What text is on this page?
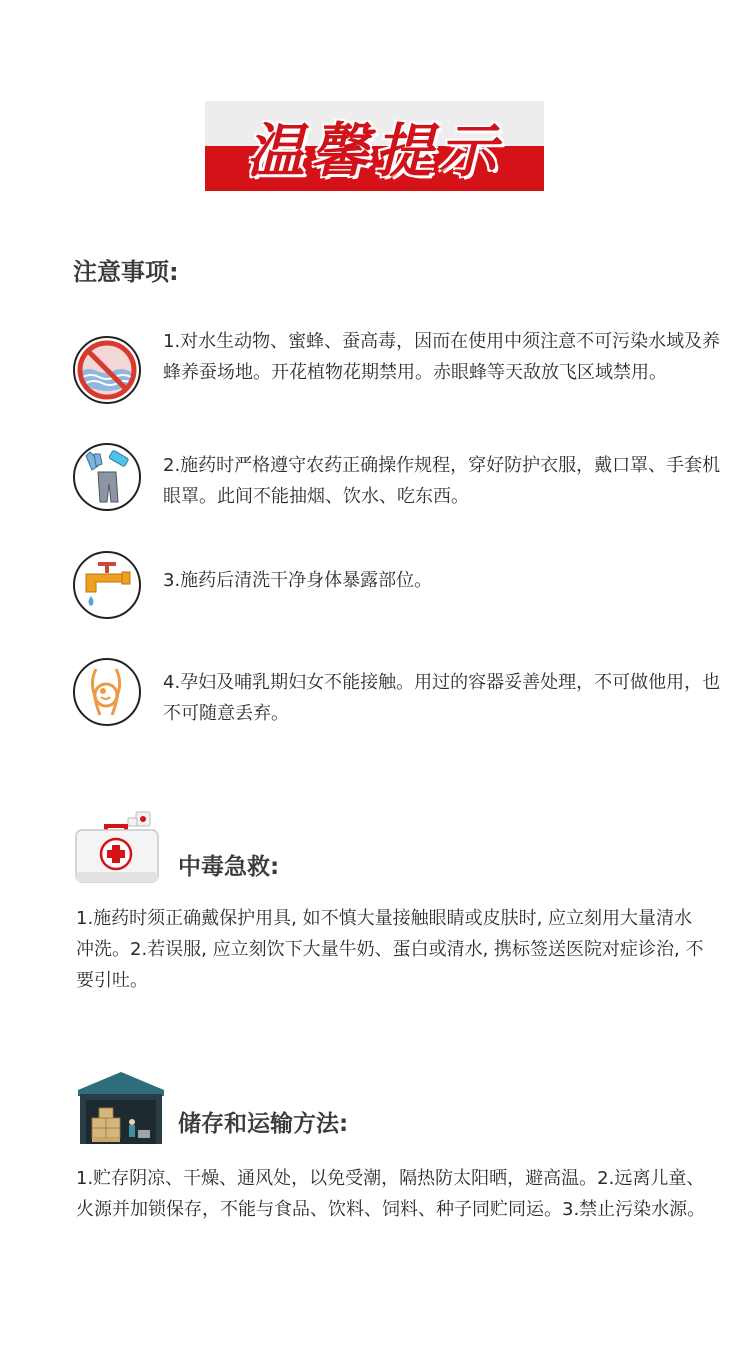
温馨提示
注意事项:
1.对水生动物、蜜蜂、蚕高毒，因而在使用中须注意不可污染水域及养蜂养蚕场地。开花植物花期禁用。赤眼蜂等天敌放飞区域禁用。
2.施药时严格遵守农药正确操作规程，穿好防护衣服，戴口罩、手套机眼罩。此间不能抽烟、饮水、吃东西。
3.施药后清洗干净身体暴露部位。
4.孕妇及哺乳期妇女不能接触。用过的容器妥善处理，不可做他用，也不可随意丢弃。
中毒急救:
1.施药时须正确戴保护用具, 如不慎大量接触眼睛或皮肤时, 应立刻用大量清水冲洗。2.若误服, 应立刻饮下大量牛奶、蛋白或清水, 携标签送医院对症诊治, 不要引吐。
储存和运输方法:
1.贮存阴凉、干燥、通风处，以免受潮，隔热防太阳晒，避高温。2.远离儿童、火源并加锁保存，不能与食品、饮料、饲料、种子同贮同运。3.禁止污染水源。
